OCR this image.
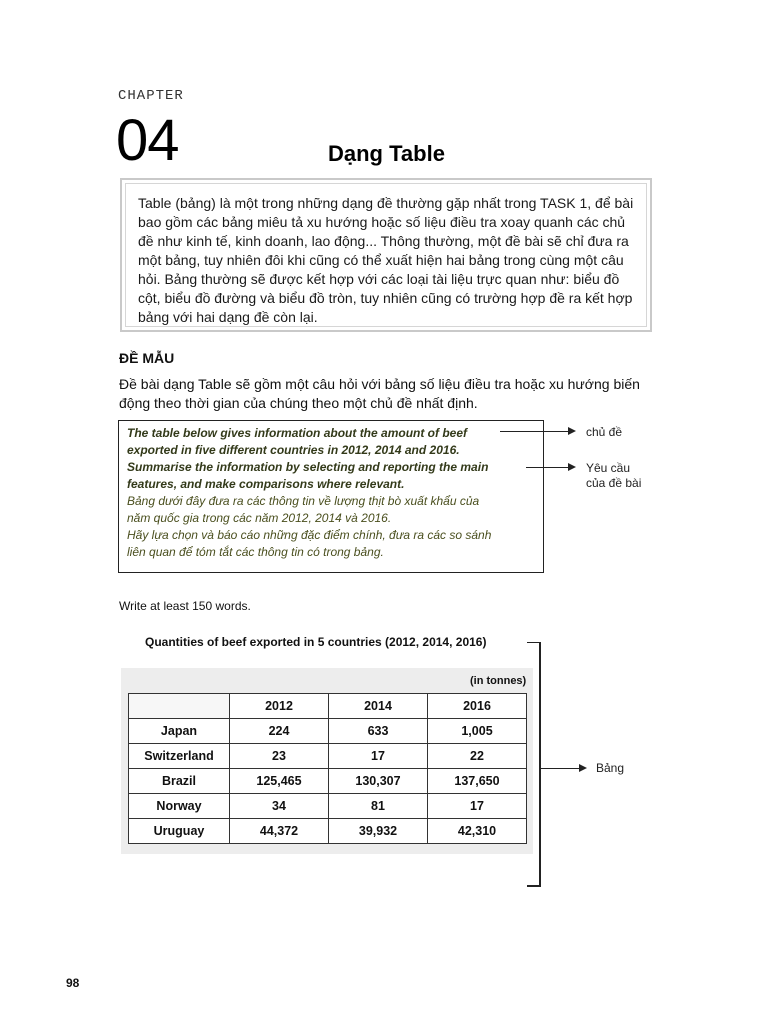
CHAPTER
04	Dạng Table

Table (bảng) là một trong những dạng đề thường gặp nhất trong TASK 1, để bài bao gồm các bảng miêu tả xu hướng hoặc số liệu điều tra xoay quanh các chủ đề như kinh tế, kinh doanh, lao động... Thông thường, một đề bài sẽ chỉ đưa ra một bảng, tuy nhiên đôi khi cũng có thể xuất hiện hai bảng trong cùng một câu hỏi. Bảng thường sẽ được kết hợp với các loại tài liệu trực quan như: biểu đồ cột, biểu đồ đường và biểu đồ tròn, tuy nhiên cũng có trường hợp đề ra kết hợp bảng với hai dạng đề còn lại.

ĐỀ MẪU

Đề bài dạng Table sẽ gồm một câu hỏi với bảng số liệu điều tra hoặc xu hướng biến động theo thời gian của chúng theo một chủ đề nhất định.

The table below gives information about the amount of beef

exported in five different countries in 2012, 2014 and 2016.

Summarise the information by selecting and reporting the main

features, and make comparisons where relevant.

Bảng dưới đây đưa ra các thông tin về lượng thịt bò xuất khẩu của

năm quốc gia trong các năm 2012, 2014 và 2016.

Hãy lựa chọn và báo cáo những đặc điểm chính, đưa ra các so sánh

liên quan để tóm tắt các thông tin có trong bảng.

chủ đề
Yêu cầu
của đề bài
Write at least 150 words.
Quantities of beef exported in 5 countries (2012, 2014, 2016)
(in tonnes)
	2012	2014	2016
Japan	224	633	1,005
Switzerland	23	17	22
Brazil	125,465	130,307	137,650
Norway	34	81	17
Uruguay	44,372	39,932	42,310
Bảng
98
